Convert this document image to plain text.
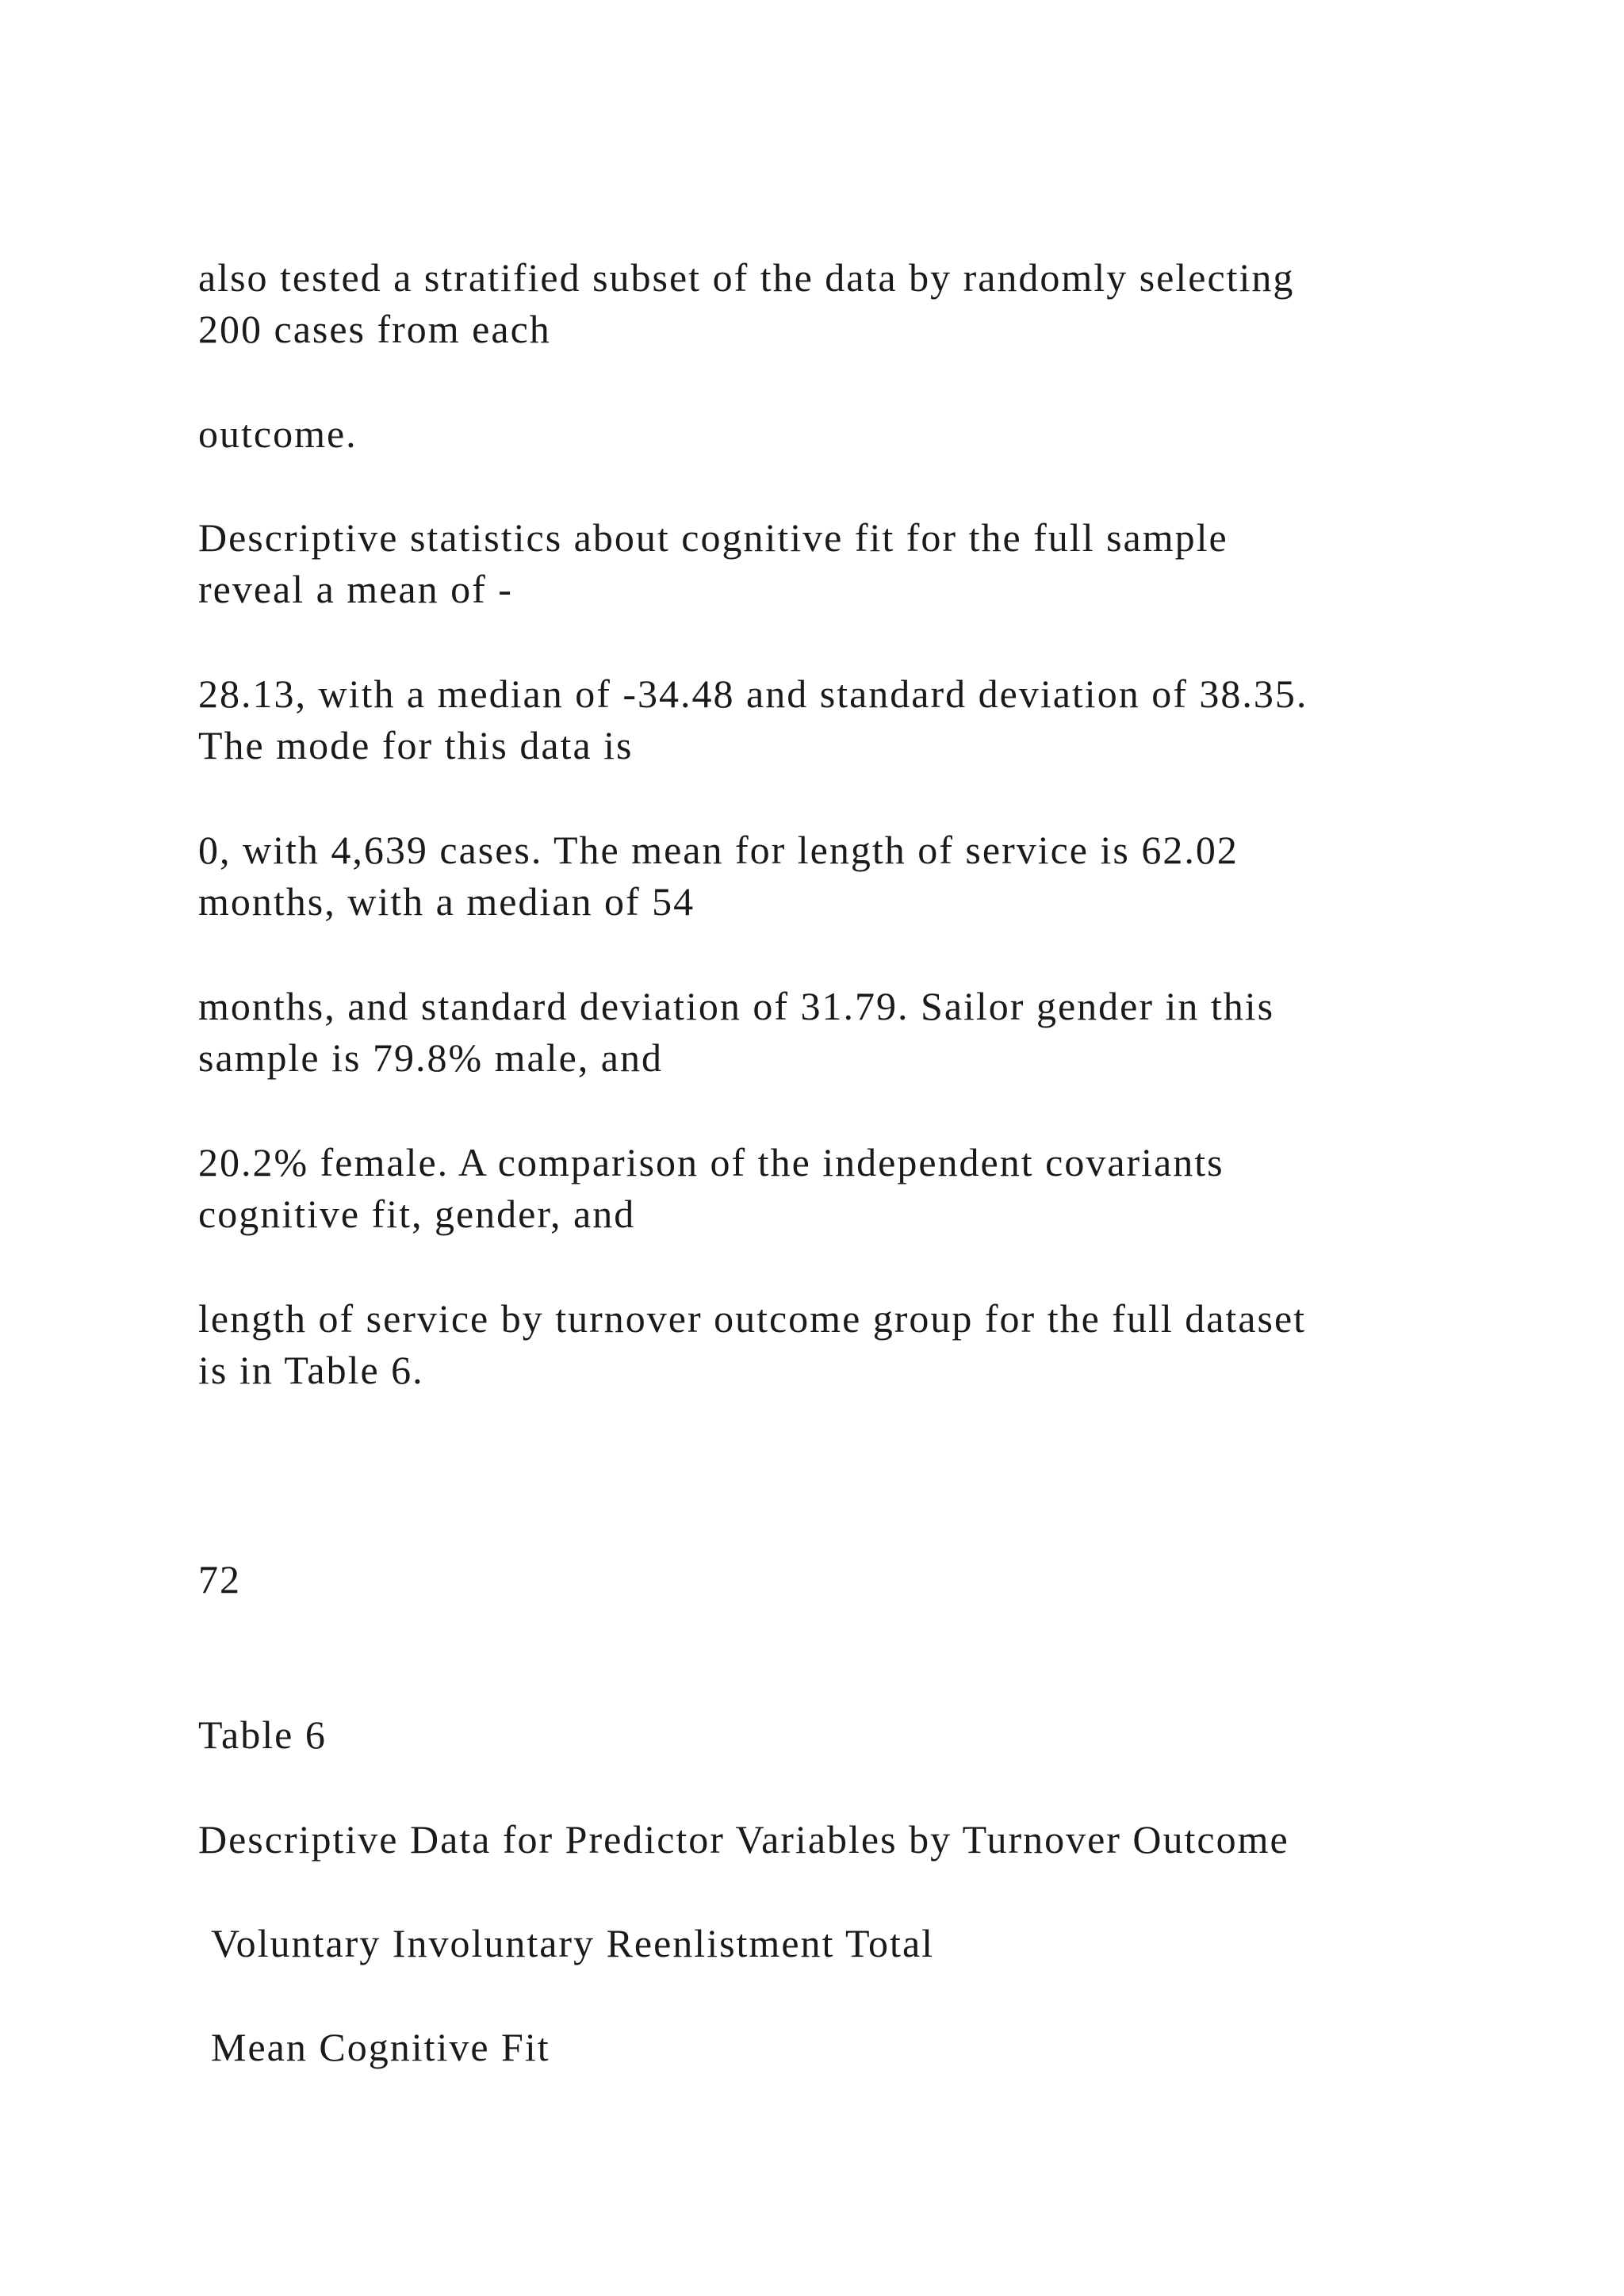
also tested a stratified subset of the data by randomly selecting

200 cases from each

outcome.

Descriptive statistics about cognitive fit for the full sample

reveal a mean of -

28.13, with a median of -34.48 and standard deviation of 38.35.

The mode for this data is

0, with 4,639 cases. The mean for length of service is 62.02

months, with a median of 54

months, and standard deviation of 31.79. Sailor gender in this

sample is 79.8% male, and

20.2% female. A comparison of the independent covariants

cognitive fit, gender, and

length of service by turnover outcome group for the full dataset

is in Table 6.

72

Table 6

Descriptive Data for Predictor Variables by Turnover Outcome

Voluntary Involuntary Reenlistment Total

Mean Cognitive Fit
